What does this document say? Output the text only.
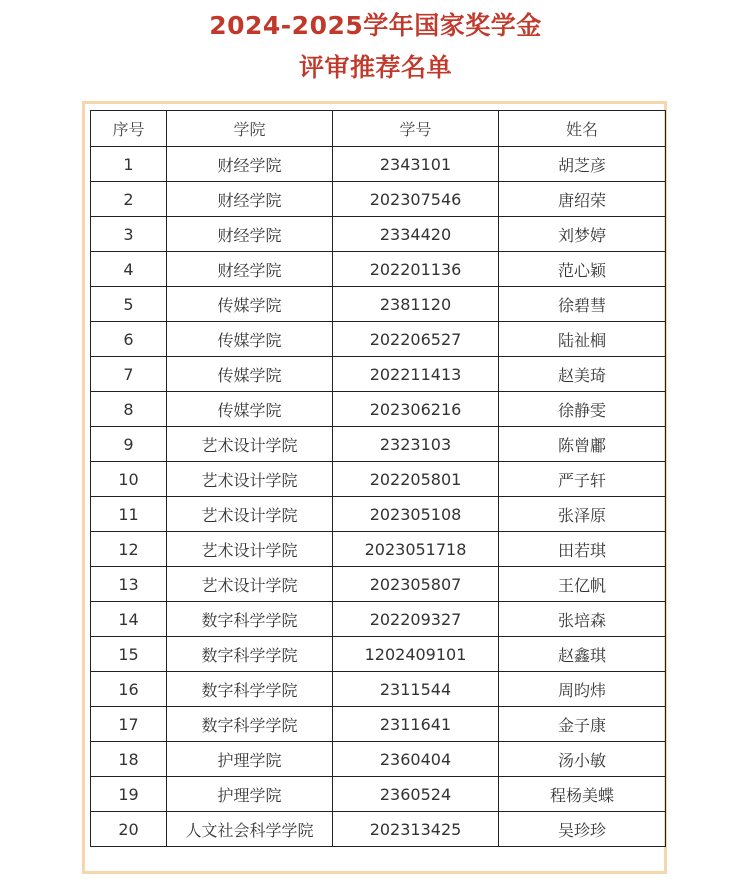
2024-2025学年国家奖学金
评审推荐名单
序号	学院	学号	姓名
1	财经学院	2343101	胡芝彦
2	财经学院	202307546	唐绍荣
3	财经学院	2334420	刘梦婷
4	财经学院	202201136	范心颖
5	传媒学院	2381120	徐碧彗
6	传媒学院	202206527	陆祉榈
7	传媒学院	202211413	赵美琦
8	传媒学院	202306216	徐静雯
9	艺术设计学院	2323103	陈曾鄘
10	艺术设计学院	202205801	严子轩
11	艺术设计学院	202305108	张泽原
12	艺术设计学院	2023051718	田若琪
13	艺术设计学院	202305807	王亿帆
14	数字科学学院	202209327	张培森
15	数字科学学院	1202409101	赵鑫琪
16	数字科学学院	2311544	周昀炜
17	数字科学学院	2311641	金子康
18	护理学院	2360404	汤小敏
19	护理学院	2360524	程杨美蝶
20	人文社会科学学院	202313425	吴珍珍
